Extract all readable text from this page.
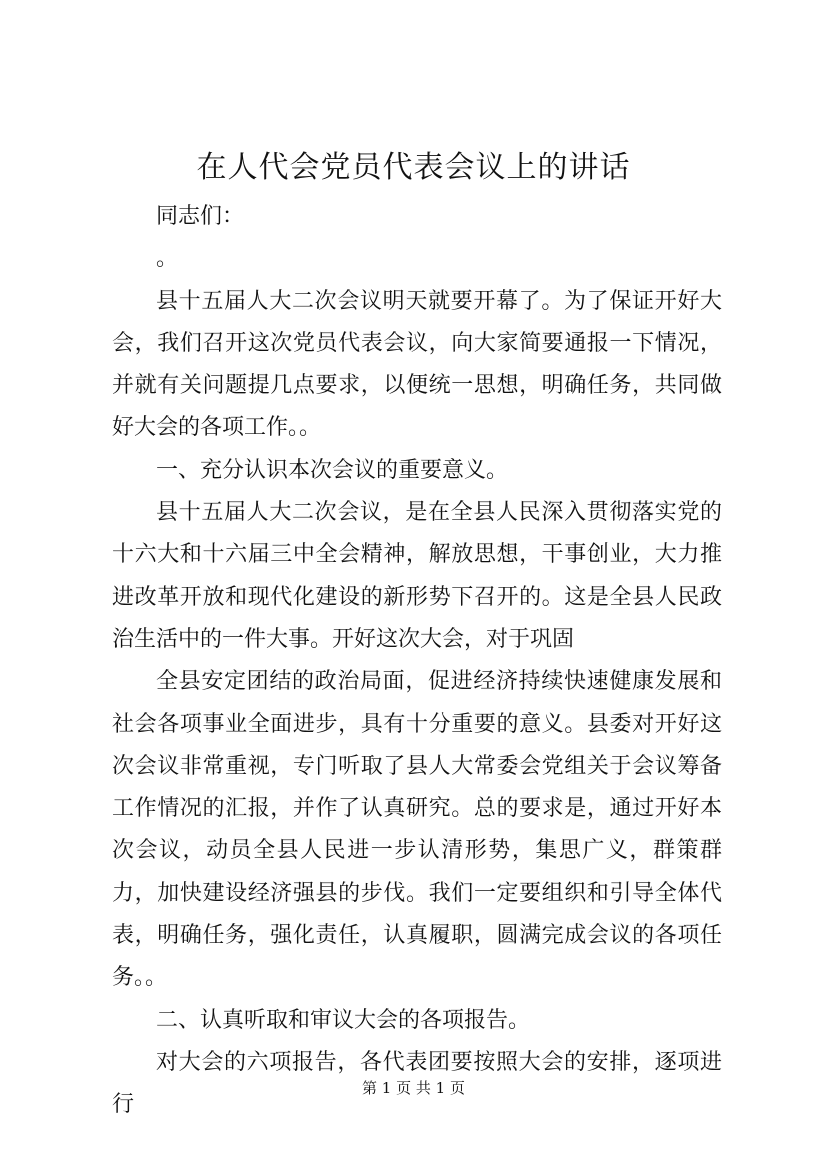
在人代会党员代表会议上的讲话

同志们：

。

县十五届人大二次会议明天就要开幕了。为了保证开好大会，我们召开这次党员代表会议，向大家简要通报一下情况，并就有关问题提几点要求，以便统一思想，明确任务，共同做好大会的各项工作。。

一、充分认识本次会议的重要意义。

县十五届人大二次会议，是在全县人民深入贯彻落实党的十六大和十六届三中全会精神，解放思想，干事创业，大力推进改革开放和现代化建设的新形势下召开的。这是全县人民政治生活中的一件大事。开好这次大会，对于巩固

全县安定团结的政治局面，促进经济持续快速健康发展和社会各项事业全面进步，具有十分重要的意义。县委对开好这次会议非常重视，专门听取了县人大常委会党组关于会议筹备工作情况的汇报，并作了认真研究。总的要求是，通过开好本次会议，动员全县人民进一步认清形势，集思广义，群策群力，加快建设经济强县的步伐。我们一定要组织和引导全体代表，明确任务，强化责任，认真履职，圆满完成会议的各项任务。。

二、认真听取和审议大会的各项报告。

对大会的六项报告，各代表团要按照大会的安排，逐项进行

第 1 页 共 1 页
